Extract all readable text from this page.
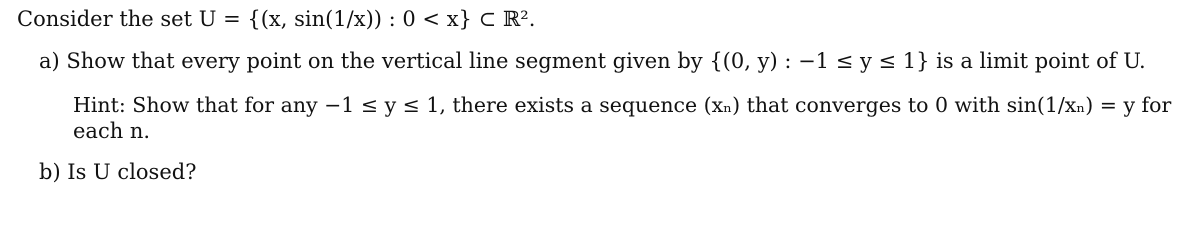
Consider the set U = {(x, sin(1/x)) : 0 < x} ⊂ ℝ².
a) Show that every point on the vertical line segment given by {(0, y) : −1 ≤ y ≤ 1} is a limit point of U.
Hint: Show that for any −1 ≤ y ≤ 1, there exists a sequence (xₙ) that converges to 0 with sin(1/xₙ) = y for
each n.
b) Is U closed?
